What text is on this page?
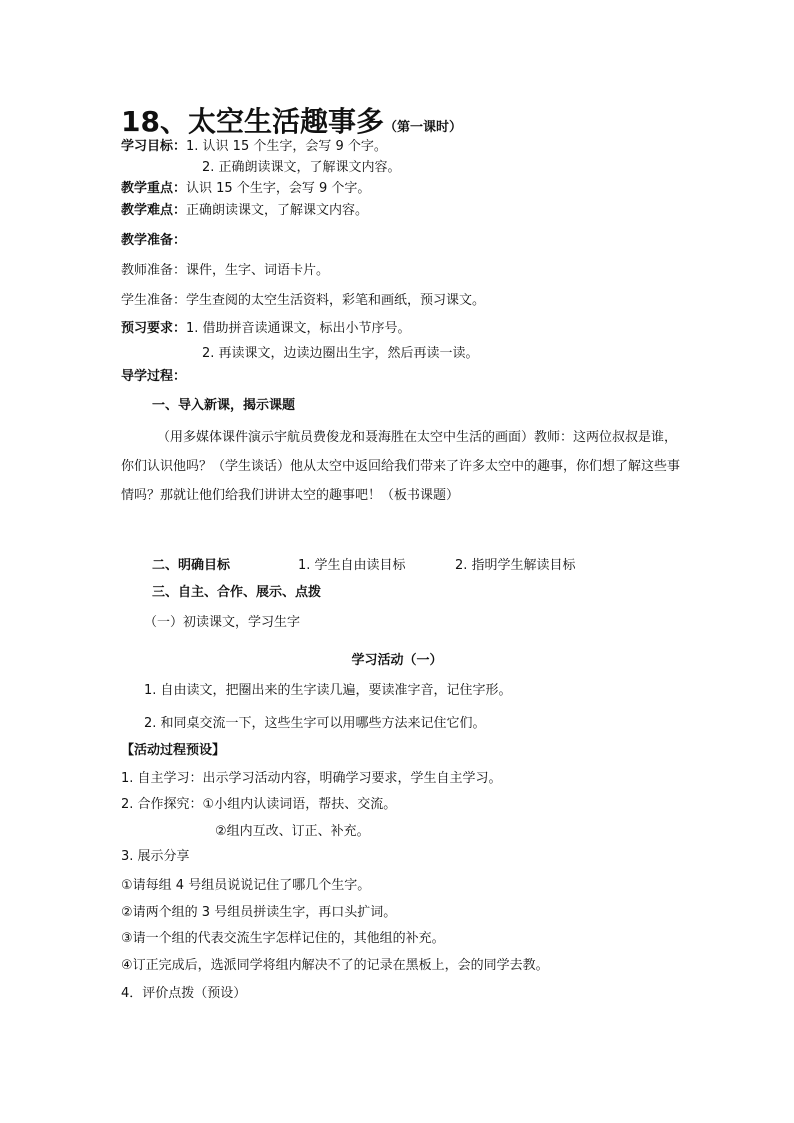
18、太空生活趣事多（第一课时）
学习目标：1. 认识 15 个生字，会写 9 个字。
2. 正确朗读课文，了解课文内容。
教学重点：认识 15 个生字，会写 9 个字。
教学难点：正确朗读课文，了解课文内容。
教学准备：
教师准备：课件，生字、词语卡片。
学生准备：学生查阅的太空生活资料，彩笔和画纸，预习课文。
预习要求：1. 借助拼音读通课文，标出小节序号。
2. 再读课文，边读边圈出生字，然后再读一读。
导学过程：
一、导入新课，揭示课题
（用多媒体课件演示宇航员费俊龙和聂海胜在太空中生活的画面）教师：这两位叔叔是谁，你们认识他吗？（学生谈话）他从太空中返回给我们带来了许多太空中的趣事，你们想了解这些事情吗？那就让他们给我们讲讲太空的趣事吧！（板书课题）
二、明确目标	1. 学生自由读目标	2. 指明学生解读目标
三、自主、合作、展示、点拨
（一）初读课文，学习生字
学习活动（一）
1. 自由读文，把圈出来的生字读几遍，要读准字音，记住字形。
2. 和同桌交流一下，这些生字可以用哪些方法来记住它们。
【活动过程预设】
1. 自主学习：出示学习活动内容，明确学习要求，学生自主学习。
2. 合作探究：①小组内认读词语，帮扶、交流。
②组内互改、订正、补充。
3. 展示分享
①请每组 4 号组员说说记住了哪几个生字。
②请两个组的 3 号组员拼读生字，再口头扩词。
③请一个组的代表交流生字怎样记住的，其他组的补充。
④订正完成后，选派同学将组内解决不了的记录在黑板上，会的同学去教。
4．评价点拨（预设）
